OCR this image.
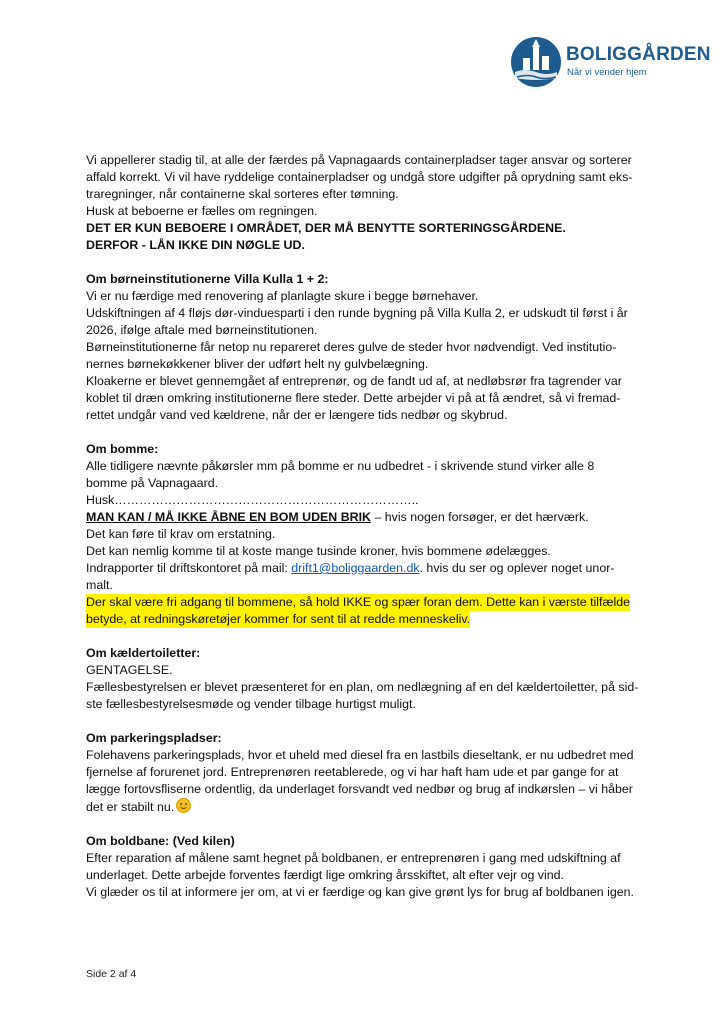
BOLIGGÅRDEN
Når vi vender hjem
Vi appellerer stadig til, at alle der færdes på Vapnagaards containerpladser tager ansvar og sorterer
affald korrekt. Vi vil have ryddelige containerpladser og undgå store udgifter på oprydning samt eks-
traregninger, når containerne skal sorteres efter tømning.
Husk at beboerne er fælles om regningen.
DET ER KUN BEBOERE I OMRÅDET, DER MÅ BENYTTE SORTERINGSGÅRDENE.
DERFOR - LÅN IKKE DIN NØGLE UD.
Om børneinstitutionerne Villa Kulla 1 + 2:
Vi er nu færdige med renovering af planlagte skure i begge børnehaver.
Udskiftningen af 4 fløjs dør-vinduesparti i den runde bygning på Villa Kulla 2, er udskudt til først i år
2026, ifølge aftale med børneinstitutionen.
Børneinstitutionerne får netop nu repareret deres gulve de steder hvor nødvendigt. Ved institutio-
nernes børnekøkkener bliver der udført helt ny gulvbelægning.
Kloakerne er blevet gennemgået af entreprenør, og de fandt ud af, at nedløbsrør fra tagrender var
koblet til dræn omkring institutionerne flere steder. Dette arbejder vi på at få ændret, så vi fremad-
rettet undgår vand ved kældrene, når der er længere tids nedbør og skybrud.
Om bomme:
Alle tidligere nævnte påkørsler mm på bomme er nu udbedret - i skrivende stund virker alle 8
bomme på Vapnagaard.
Husk………………………………………………………………..
MAN KAN / MÅ IKKE ÅBNE EN BOM UDEN BRIK – hvis nogen forsøger, er det hærværk.
Det kan føre til krav om erstatning.
Det kan nemlig komme til at koste mange tusinde kroner, hvis bommene ødelægges.
Indrapporter til driftskontoret på mail: drift1@boliggaarden.dk. hvis du ser og oplever noget unor-
malt.
Der skal være fri adgang til bommene, så hold IKKE og spær foran dem. Dette kan i værste tilfælde
betyde, at redningskøretøjer kommer for sent til at redde menneskeliv.
Om kældertoiletter:
GENTAGELSE.
Fællesbestyrelsen er blevet præsenteret for en plan, om nedlægning af en del kældertoiletter, på sid-
ste fællesbestyrelsesmøde og vender tilbage hurtigst muligt.
Om parkeringspladser:
Folehavens parkeringsplads, hvor et uheld med diesel fra en lastbils dieseltank, er nu udbedret med
fjernelse af forurenet jord. Entreprenøren reetablerede, og vi har haft ham ude et par gange for at
lægge fortovsfliserne ordentlig, da underlaget forsvandt ved nedbør og brug af indkørslen – vi håber
det er stabilt nu.
Om boldbane: (Ved kilen)
Efter reparation af målene samt hegnet på boldbanen, er entreprenøren i gang med udskiftning af
underlaget. Dette arbejde forventes færdigt lige omkring årsskiftet, alt efter vejr og vind.
Vi glæder os til at informere jer om, at vi er færdige og kan give grønt lys for brug af boldbanen igen.
Side 2 af 4
